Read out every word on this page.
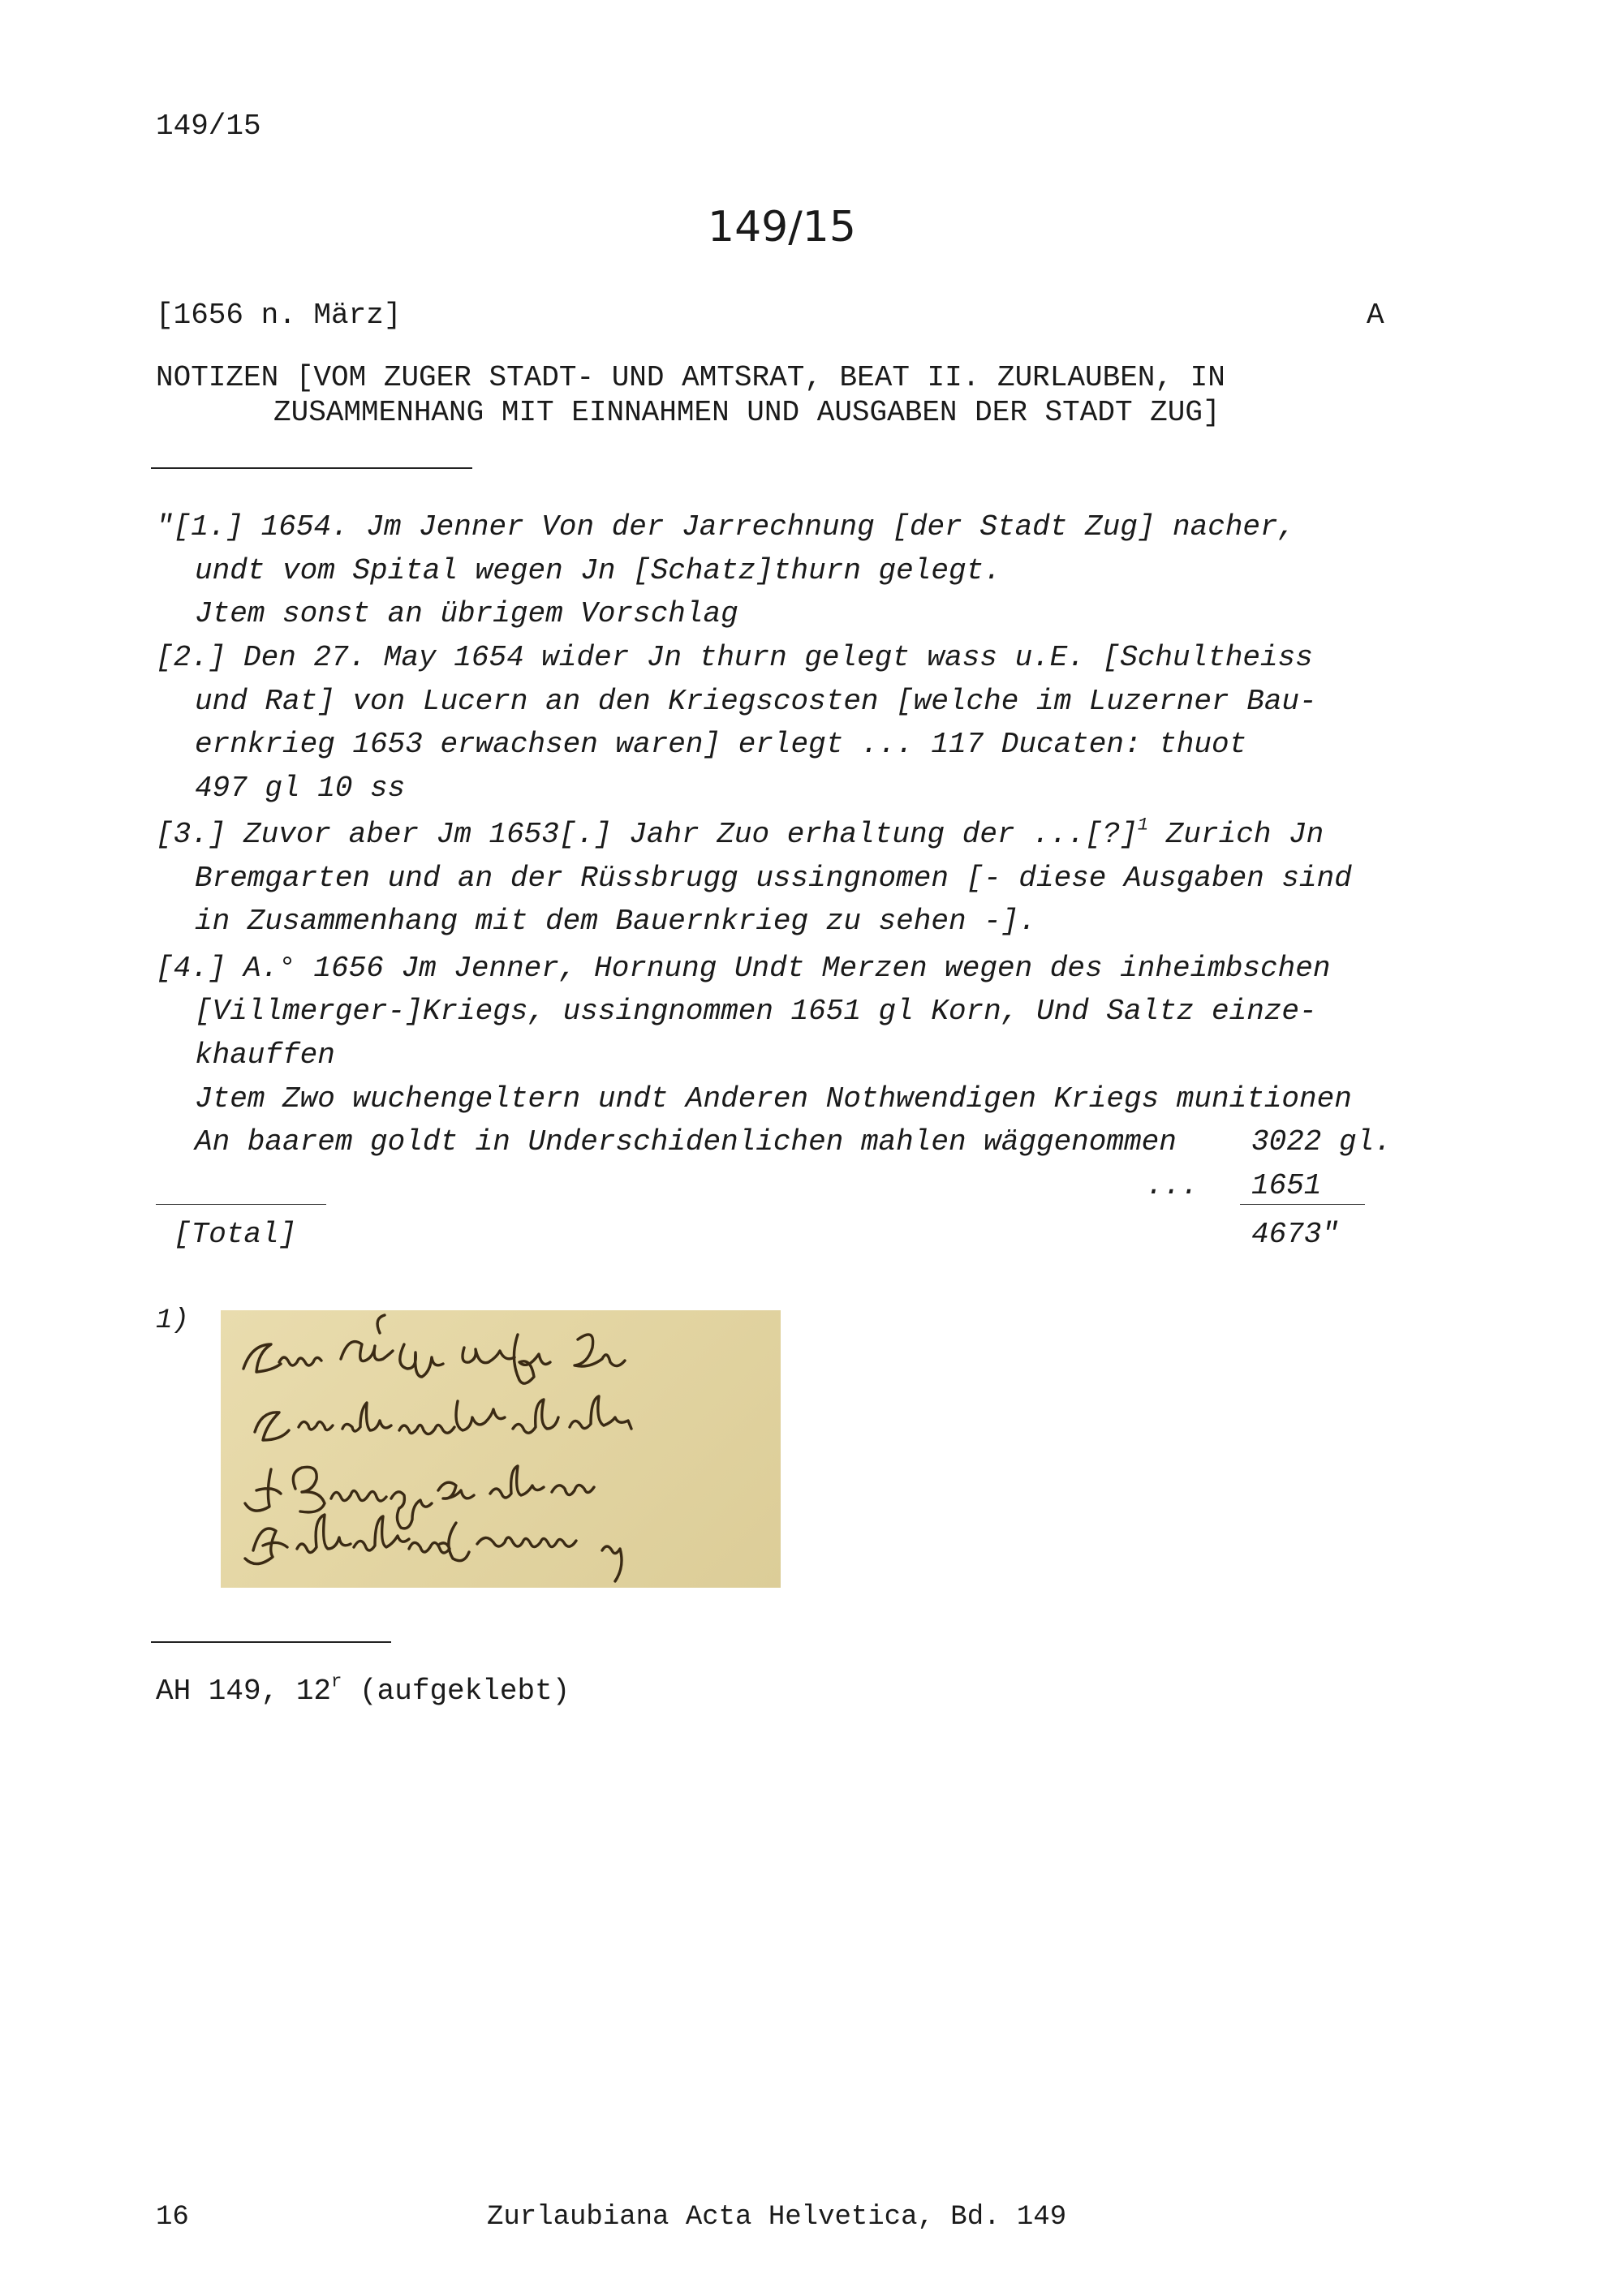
149/15
149/15
[1656 n. März]	A
NOTIZEN [VOM ZUGER STADT- UND AMTSRAT, BEAT II. ZURLAUBEN, IN
ZUSAMMENHANG MIT EINNAHMEN UND AUSGABEN DER STADT ZUG]
"[1.] 1654. Jm Jenner Von der Jarrechnung [der Stadt Zug] nacher,
undt vom Spital wegen Jn [Schatz]thurn gelegt.
Jtem sonst an übrigem Vorschlag
[2.] Den 27. May 1654 wider Jn thurn gelegt wass u.E. [Schultheiss
und Rat] von Lucern an den Kriegscosten [welche im Luzerner Bau-
ernkrieg 1653 erwachsen waren] erlegt ... 117 Ducaten: thuot
497 gl 10 ss
[3.] Zuvor aber Jm 1653[.] Jahr Zuo erhaltung der ...[?]$^1$ Zurich Jn
Bremgarten und an der Rüssbrugg ussingnomen [- diese Ausgaben sind
in Zusammenhang mit dem Bauernkrieg zu sehen -].
[4.] A.° 1656 Jm Jenner, Hornung Undt Merzen wegen des inheimbschen
[Villmerger-]Kriegs, ussingnommen 1651 gl Korn, Und Saltz einze-
khauffen
Jtem Zwo wuchengeltern undt Anderen Nothwendigen Kriegs munitionen
An baarem goldt in Underschidenlichen mahlen wäggenommen	3022 gl.
... 1651
[Total]	4673"
1)
AH 149, 12$^r$ (aufgeklebt)
16	Zurlaubiana Acta Helvetica, Bd. 149
